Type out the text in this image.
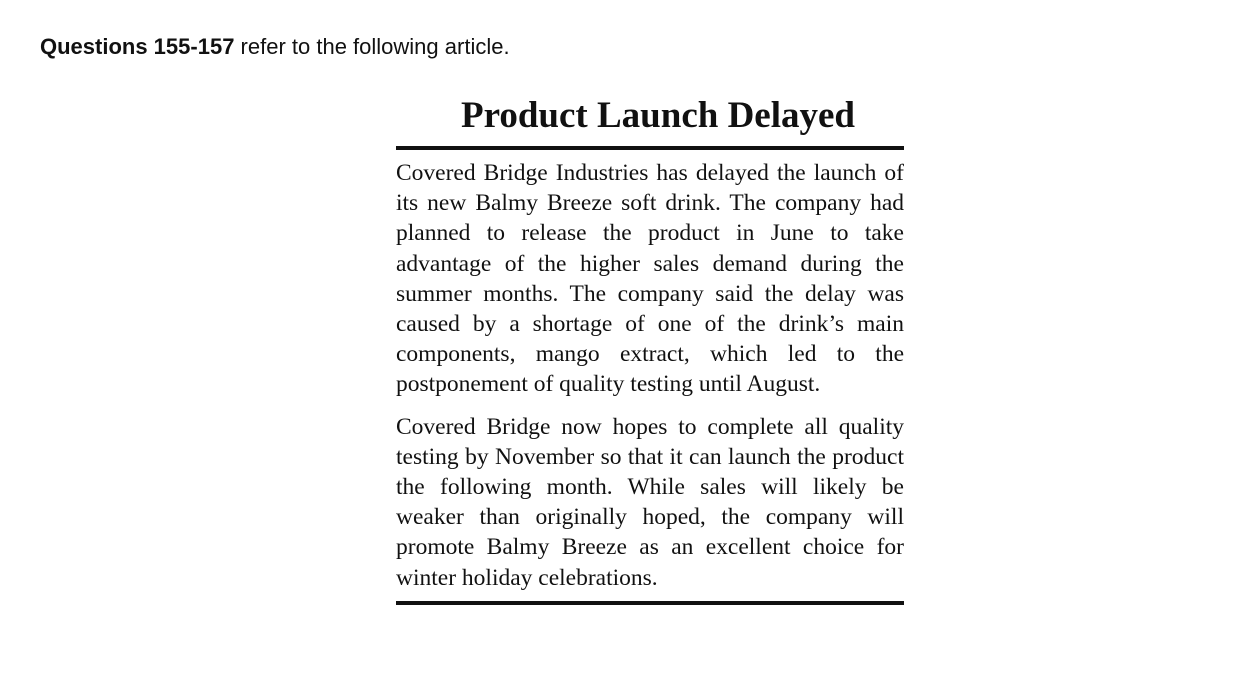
Questions 155-157 refer to the following article.
Product Launch Delayed

Covered Bridge Industries has delayed the launch of its new Balmy Breeze soft drink. The company had planned to release the product in June to take advantage of the higher sales demand during the summer months. The company said the delay was caused by a shortage of one of the drink’s main components, mango extract, which led to the postponement of quality testing until August.

Covered Bridge now hopes to complete all quality testing by November so that it can launch the product the following month. While sales will likely be weaker than originally hoped, the company will promote Balmy Breeze as an excellent choice for winter holiday celebrations.
